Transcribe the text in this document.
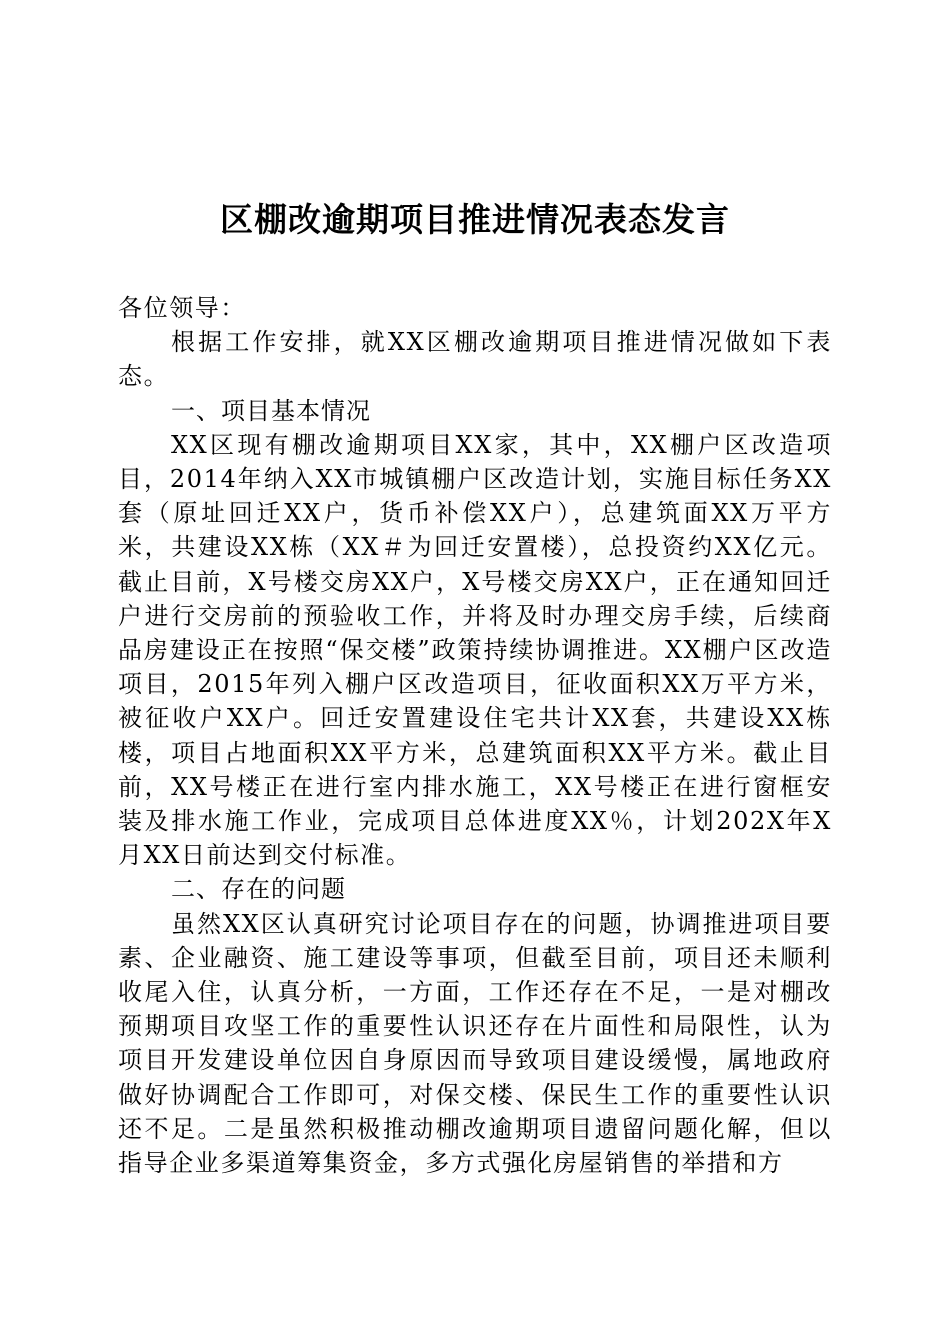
区棚改逾期项目推进情况表态发言

各位领导：

根据工作安排，就XX区棚改逾期项目推进情况做如下表态。

一、项目基本情况

XX区现有棚改逾期项目XX家，其中，XX棚户区改造项目，2014年纳入XX市城镇棚户区改造计划，实施目标任务XX套（原址回迁XX户，货币补偿XX户），总建筑面XX万平方米，共建设XX栋（XX＃为回迁安置楼），总投资约XX亿元。截止目前，X号楼交房XX户，X号楼交房XX户，正在通知回迁户进行交房前的预验收工作，并将及时办理交房手续，后续商品房建设正在按照“保交楼”政策持续协调推进。XX棚户区改造项目，2015年列入棚户区改造项目，征收面积XX万平方米，被征收户XX户。回迁安置建设住宅共计XX套，共建设XX栋楼，项目占地面积XX平方米，总建筑面积XX平方米。截止目前，XX号楼正在进行室内排水施工，XX号楼正在进行窗框安装及排水施工作业，完成项目总体进度XX％，计划202X年X月XX日前达到交付标准。

二、存在的问题

虽然XX区认真研究讨论项目存在的问题，协调推进项目要素、企业融资、施工建设等事项，但截至目前，项目还未顺利收尾入住，认真分析，一方面，工作还存在不足，一是对棚改预期项目攻坚工作的重要性认识还存在片面性和局限性，认为项目开发建设单位因自身原因而导致项目建设缓慢，属地政府做好协调配合工作即可，对保交楼、保民生工作的重要性认识还不足。二是虽然积极推动棚改逾期项目遗留问题化解，但以指导企业多渠道筹集资金，多方式强化房屋销售的举措和方
